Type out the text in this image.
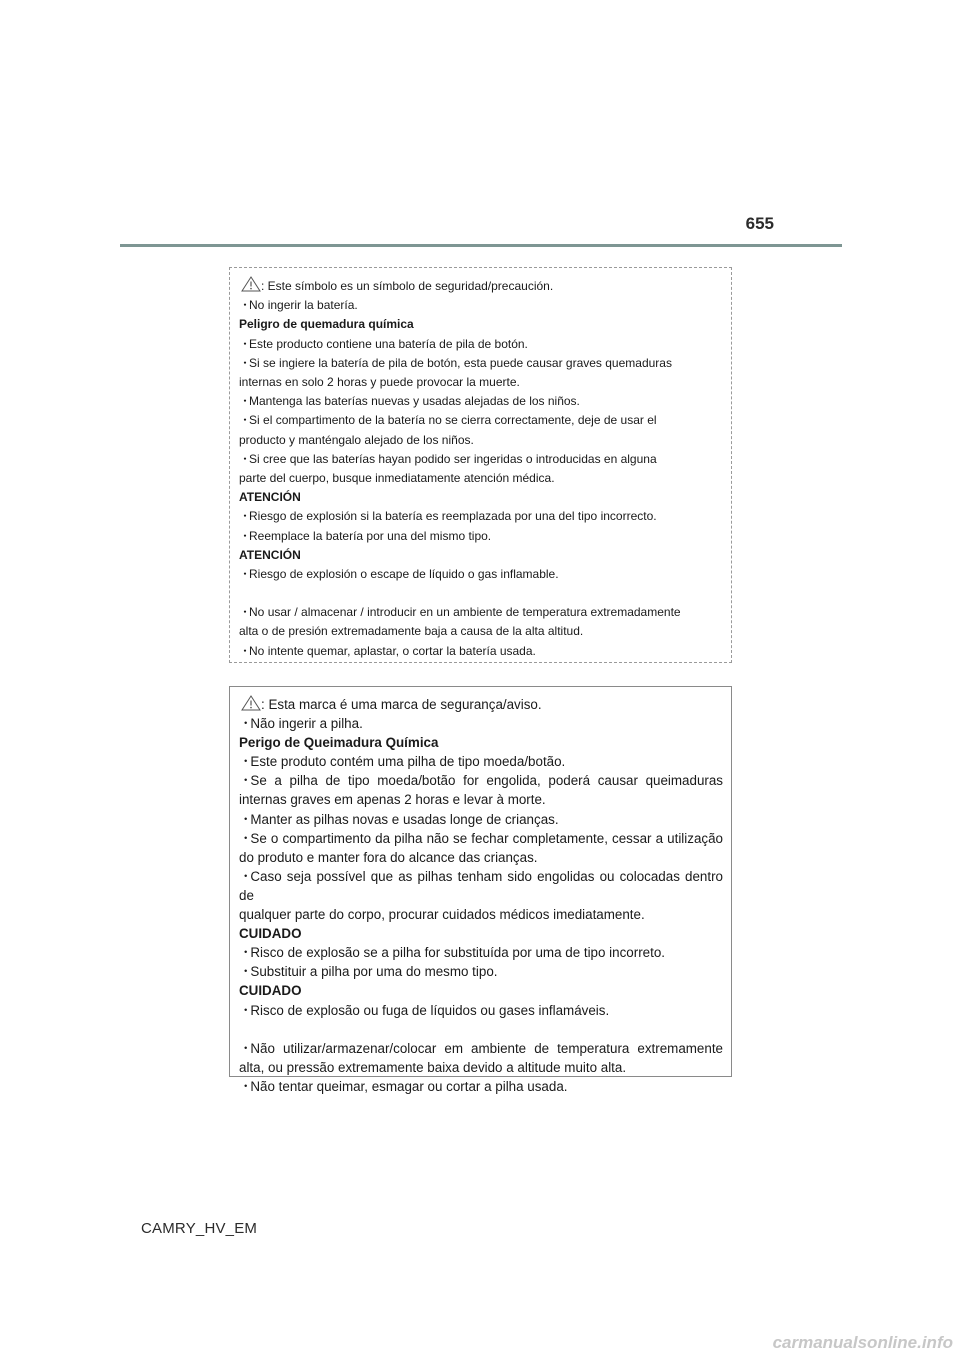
655

: Este símbolo es un símbolo de seguridad/precaución.

・No ingerir la batería.

Peligro de quemadura química

・Este producto contiene una batería de pila de botón.

・Si se ingiere la batería de pila de botón, esta puede causar graves quemaduras

internas en solo 2 horas y puede provocar la muerte.

・Mantenga las baterías nuevas y usadas alejadas de los niños.

・Si el compartimento de la batería no se cierra correctamente, deje de usar el

producto y manténgalo alejado de los niños.

・Si cree que las baterías hayan podido ser ingeridas o introducidas en alguna

parte del cuerpo, busque inmediatamente atención médica.

ATENCIÓN

・Riesgo de explosión si la batería es reemplazada por una del tipo incorrecto.

・Reemplace la batería por una del mismo tipo.

ATENCIÓN

・Riesgo de explosión o escape de líquido o gas inflamable.

・No usar / almacenar / introducir en un ambiente de temperatura extremadamente

alta o de presión extremadamente baja a causa de la alta altitud.

・No intente quemar, aplastar, o cortar la batería usada.

: Esta marca é uma marca de segurança/aviso.

・Não ingerir a pilha.

Perigo de Queimadura Química

・Este produto contém uma pilha de tipo moeda/botão.

・Se a pilha de tipo moeda/botão for engolida, poderá causar queimaduras

internas graves em apenas 2 horas e levar à morte.

・Manter as pilhas novas e usadas longe de crianças.

・Se o compartimento da pilha não se fechar completamente, cessar a utilização

do produto e manter fora do alcance das crianças.

・Caso seja possível que as pilhas tenham sido engolidas ou colocadas dentro de

qualquer parte do corpo, procurar cuidados médicos imediatamente.

CUIDADO

・Risco de explosão se a pilha for substituída por uma de tipo incorreto.

・Substituir a pilha por uma do mesmo tipo.

CUIDADO

・Risco de explosão ou fuga de líquidos ou gases inflamáveis.

・Não utilizar/armazenar/colocar em ambiente de temperatura extremamente

alta, ou pressão extremamente baixa devido a altitude muito alta.

・Não tentar queimar, esmagar ou cortar a pilha usada.

CAMRY_HV_EM
carmanualsonline.info
